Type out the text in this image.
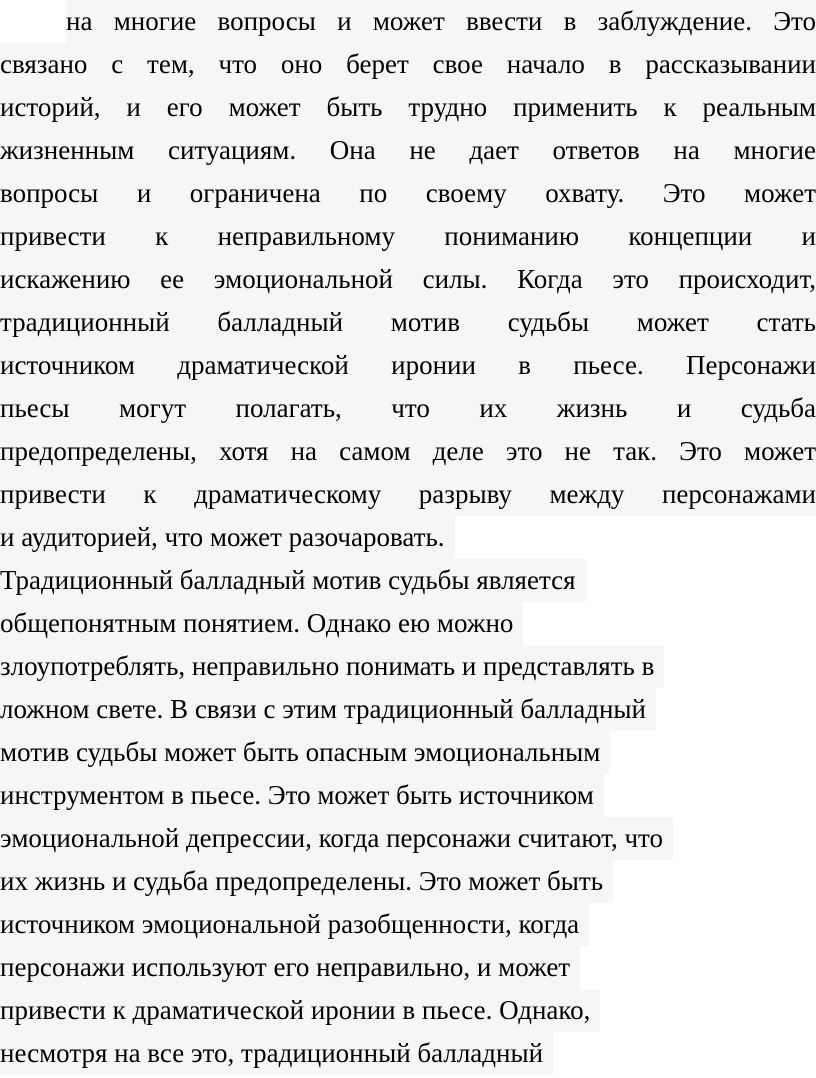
на многие вопросы и может ввести в заблуждение. Это
связано с тем, что оно берет свое начало в рассказывании
историй, и его может быть трудно применить к реальным
жизненным ситуациям. Она не дает ответов на многие
вопросы и ограничена по своему охвату. Это может
привести к неправильному пониманию концепции и
искажению ее эмоциональной силы. Когда это происходит,
традиционный балладный мотив судьбы может стать
источником драматической иронии в пьесе. Персонажи
пьесы могут полагать, что их жизнь и судьба
предопределены, хотя на самом деле это не так. Это может
привести к драматическому разрыву между персонажами
и аудиторией, что может разочаровать.
Традиционный балладный мотив судьбы является
общепонятным понятием. Однако ею можно
злоупотреблять, неправильно понимать и представлять в
ложном свете. В связи с этим традиционный балладный
мотив судьбы может быть опасным эмоциональным
инструментом в пьесе. Это может быть источником
эмоциональной депрессии, когда персонажи считают, что
их жизнь и судьба предопределены. Это может быть
источником эмоциональной разобщенности, когда
персонажи используют его неправильно, и может
привести к драматической иронии в пьесе. Однако,
несмотря на все это, традиционный балладный
